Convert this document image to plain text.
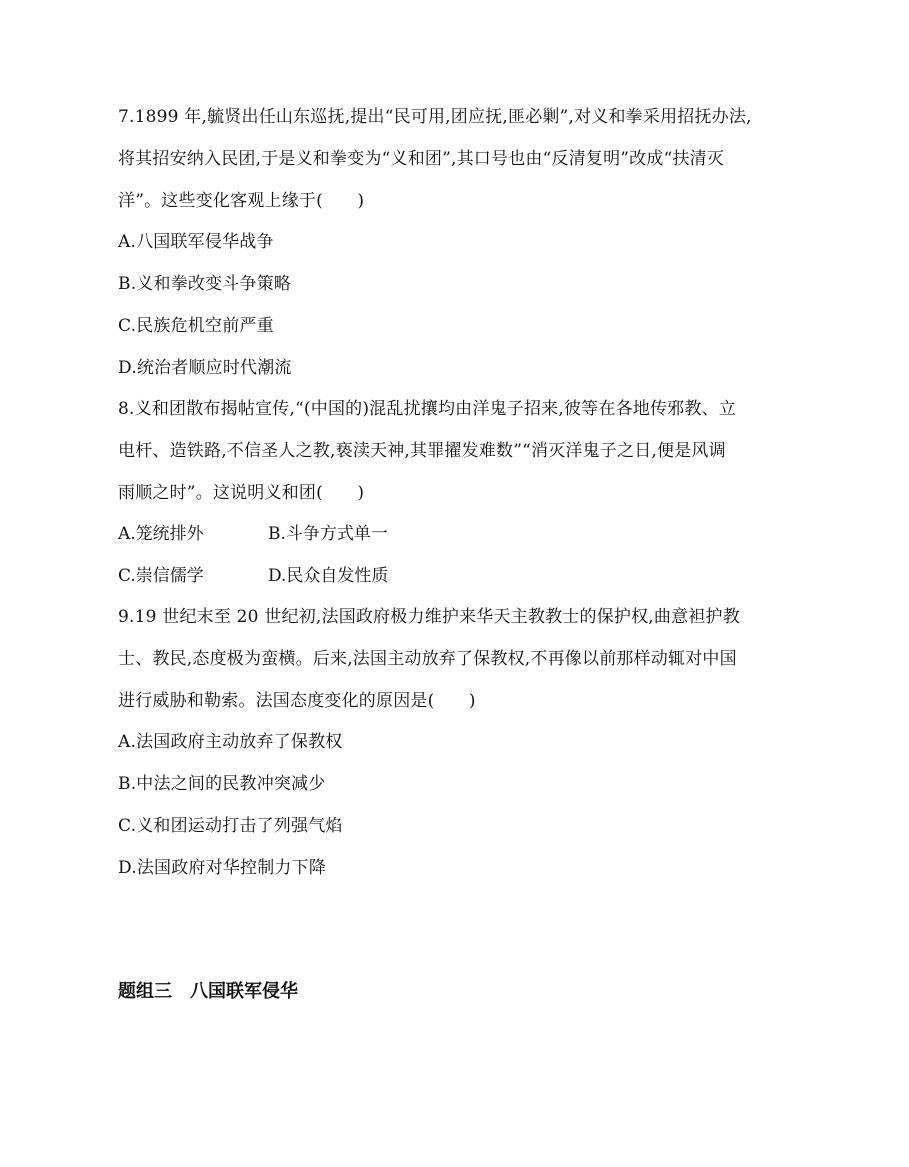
7.1899 年,毓贤出任山东巡抚,提出“民可用,团应抚,匪必剿”,对义和拳采用招抚办法,
将其招安纳入民团,于是义和拳变为“义和团”,其口号也由“反清复明”改成“扶清灭
洋”。这些变化客观上缘于(　　)
A.八国联军侵华战争
B.义和拳改变斗争策略
C.民族危机空前严重
D.统治者顺应时代潮流
8.义和团散布揭帖宣传,“(中国的)混乱扰攘均由洋鬼子招来,彼等在各地传邪教、立
电杆、造铁路,不信圣人之教,亵渎天神,其罪擢发难数”“消灭洋鬼子之日,便是风调
雨顺之时”。这说明义和团(　　)
A.笼统排外	B.斗争方式单一
C.崇信儒学	D.民众自发性质
9.19 世纪末至 20 世纪初,法国政府极力维护来华天主教教士的保护权,曲意袒护教
士、教民,态度极为蛮横。后来,法国主动放弃了保教权,不再像以前那样动辄对中国
进行威胁和勒索。法国态度变化的原因是(　　)
A.法国政府主动放弃了保教权
B.中法之间的民教冲突减少
C.义和团运动打击了列强气焰
D.法国政府对华控制力下降
题组三　八国联军侵华
